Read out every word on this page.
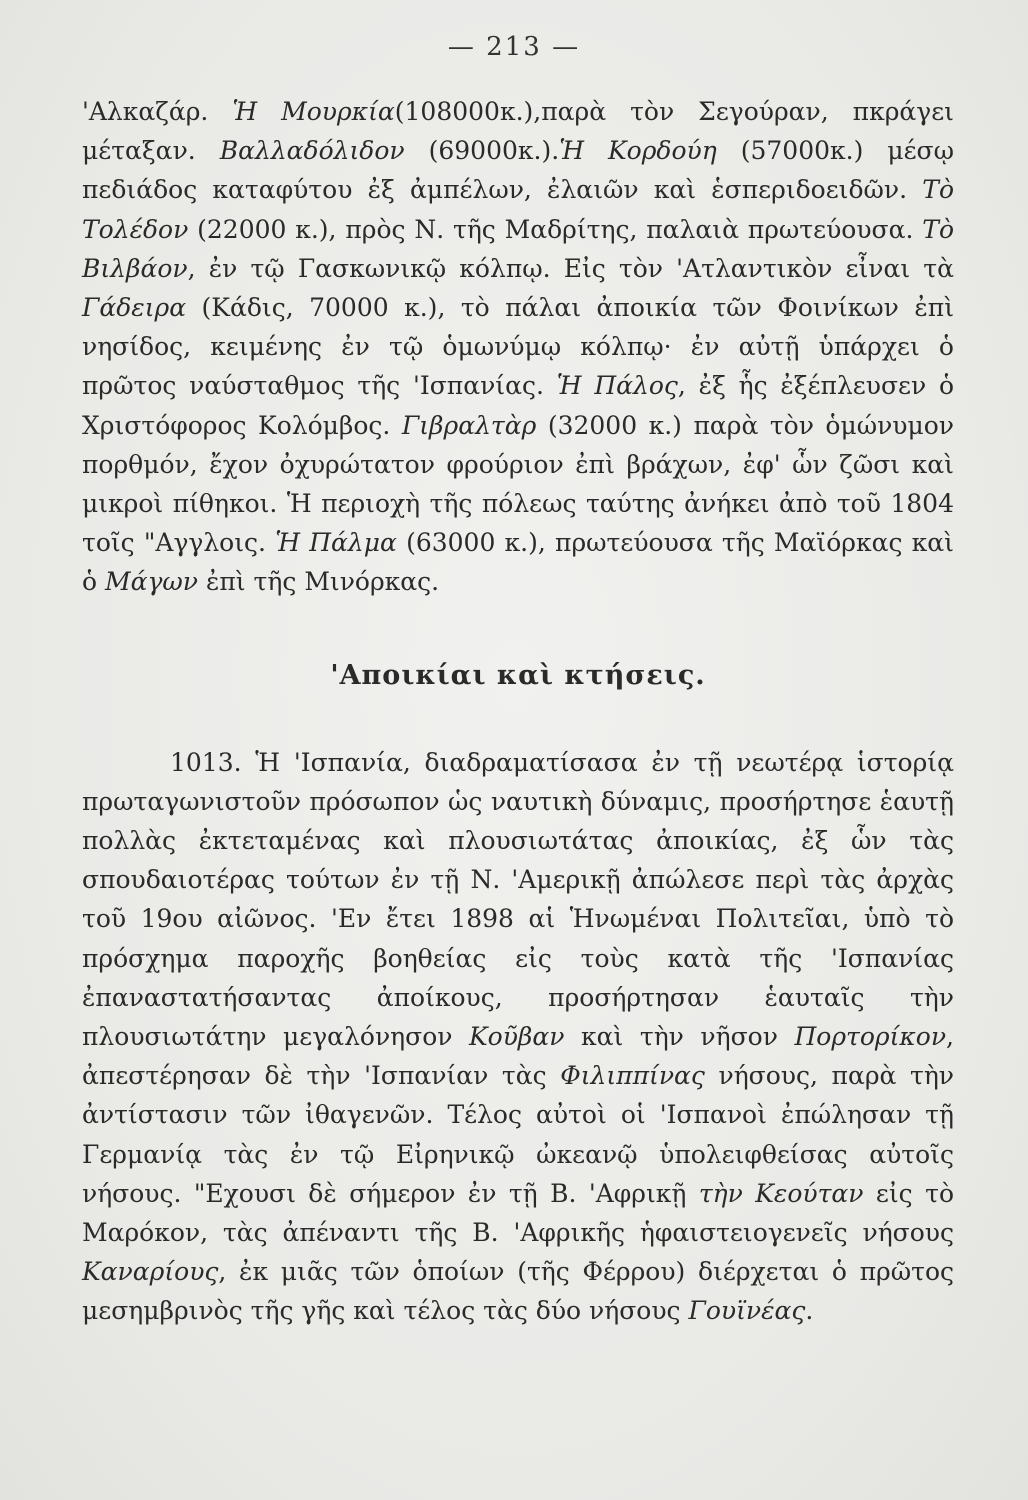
— 213 —

'Αλκαζάρ. Ἡ Μουρκία(108000κ.),παρὰ τὸν Σεγούραν, πκράγει μέταξαν. Βαλλαδόλιδον (69000κ.).Ἡ Κορδούη (57000κ.) μέσῳ πεδιάδος καταφύτου ἐξ ἀμπέλων, ἐλαιῶν καὶ ἑσπεριδοειδῶν. Τὸ Τολέδον (22000 κ.), πρὸς Ν. τῆς Μαδρίτης, παλαιὰ πρωτεύουσα. Τὸ Βιλβάον, ἐν τῷ Γασκωνικῷ κόλπῳ. Εἰς τὸν 'Ατλαντικὸν εἶναι τὰ Γάδειρα (Κάδις, 70000 κ.), τὸ πάλαι ἀποικία τῶν Φοινίκων ἐπὶ νησίδος, κειμένης ἐν τῷ ὁμωνύμῳ κόλπῳ· ἐν αὐτῇ ὑπάρχει ὁ πρῶτος ναύσταθμος τῆς 'Ισπανίας. Ἡ Πάλος, ἐξ ἧς ἐξέπλευσεν ὁ Χριστόφορος Κολόμβος. Γιβραλτὰρ (32000 κ.) παρὰ τὸν ὁμώνυμον πορθμόν, ἔχον ὀχυρώτατον φρούριον ἐπὶ βράχων, ἐφ' ὧν ζῶσι καὶ μικροὶ πίθηκοι. Ἡ περιοχὴ τῆς πόλεως ταύτης ἀνήκει ἀπὸ τοῦ 1804 τοῖς "Αγγλοις. Ἡ Πάλμα (63000 κ.), πρωτεύουσα τῆς Μαϊόρκας καὶ ὁ Μάγων ἐπὶ τῆς Μινόρκας.

'Αποικίαι καὶ κτήσεις.

1013. Ἡ 'Ισπανία, διαδραματίσασα ἐν τῇ νεωτέρᾳ ἱστορίᾳ πρωταγωνιστοῦν πρόσωπον ὡς ναυτικὴ δύναμις, προσήρτησε ἑαυτῇ πολλὰς ἐκτεταμένας καὶ πλουσιωτάτας ἀποικίας, ἐξ ὧν τὰς σπουδαιοτέρας τούτων ἐν τῇ Ν. 'Αμερικῇ ἀπώλεσε περὶ τὰς ἀρχὰς τοῦ 19ου αἰῶνος. 'Εν ἔτει 1898 αἱ Ἡνωμέναι Πολιτεῖαι, ὑπὸ τὸ πρόσχημα παροχῆς βοηθείας εἰς τοὺς κατὰ τῆς 'Ισπανίας ἐπαναστατήσαντας ἀποίκους, προσήρτησαν ἑαυταῖς τὴν πλουσιωτάτην μεγαλόνησον Κοῦβαν καὶ τὴν νῆσον Πορτορίκον, ἀπεστέρησαν δὲ τὴν 'Ισπανίαν τὰς Φιλιππίνας νήσους, παρὰ τὴν ἀντίστασιν τῶν ἰθαγενῶν. Τέλος αὐτοὶ οἱ 'Ισπανοὶ ἐπώλησαν τῇ Γερμανίᾳ τὰς ἐν τῷ Εἰρηνικῷ ὠκεανῷ ὑπολειφθείσας αὐτοῖς νήσους. "Εχουσι δὲ σήμερον ἐν τῇ Β. 'Αφρικῇ τὴν Κεούταν εἰς τὸ Μαρόκον, τὰς ἀπέναντι τῆς Β. 'Αφρικῆς ἡφαιστειογενεῖς νήσους Καναρίους, ἐκ μιᾶς τῶν ὁποίων (τῆς Φέρρου) διέρχεται ὁ πρῶτος μεσημβρινὸς τῆς γῆς καὶ τέλος τὰς δύο νήσους Γουϊνέας.
